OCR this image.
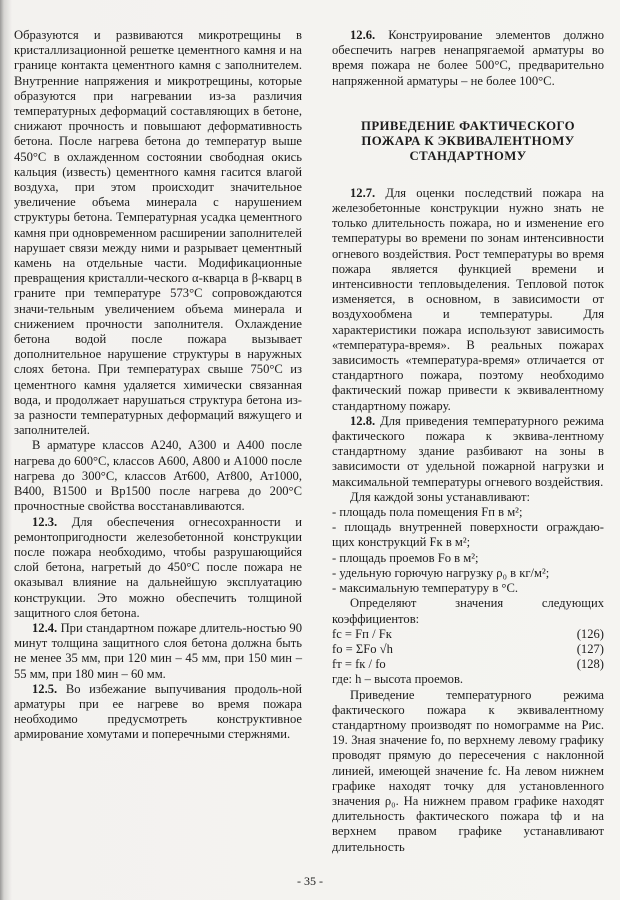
Образуются и развиваются микротрещины в кристаллизационной решетке цементного камня и на границе контакта цементного камня с заполнителем. Внутренние напряжения и микротрещины, которые образуются при нагревании из-за различия температурных деформаций составляющих в бетоне, снижают прочность и повышают деформативность бетона. После нагрева бетона до температур выше 450°С в охлажденном состоянии свободная окись кальция (известь) цементного камня гасится влагой воздуха, при этом происходит значительное увеличение объема минерала с нарушением структуры бетона. Температурная усадка цементного камня при одновременном расширении заполнителей нарушает связи между ними и разрывает цементный камень на отдельные части. Модификационные превращения кристалли-ческого α-кварца в β-кварц в граните при температуре 573°С сопровождаются значи-тельным увеличением объема минерала и снижением прочности заполнителя. Охлаждение бетона водой после пожара вызывает дополнительное нарушение структуры в наружных слоях бетона. При температурах свыше 750°С из цементного камня удаляется химически связанная вода, и продолжает нарушаться структура бетона из-за разности температурных деформаций вяжущего и заполнителей.

В арматуре классов А240, А300 и А400 после нагрева до 600°С, классов А600, А800 и А1000 после нагрева до 300°С, классов Ат600, Ат800, Ат1000, В400, В1500 и Вр1500 после нагрева до 200°С прочностные свойства восстанавливаются.

12.3. Для обеспечения огнесохранности и ремонтопригодности железобетонной конструкции после пожара необходимо, чтобы разрушающийся слой бетона, нагретый до 450°С после пожара не оказывал влияние на дальнейшую эксплуатацию конструкции. Это можно обеспечить толщиной защитного слоя бетона.

12.4. При стандартном пожаре длитель-ностью 90 минут толщина защитного слоя бетона должна быть не менее 35 мм, при 120 мин – 45 мм, при 150 мин – 55 мм, при 180 мин – 60 мм.

12.5. Во избежание выпучивания продоль-ной арматуры при ее нагреве во время пожара необходимо предусмотреть конструктивное армирование хомутами и поперечными стержнями.

12.6. Конструирование элементов должно обеспечить нагрев ненапрягаемой арматуры во время пожара не более 500°С, предварительно напряженной арматуры – не более 100°С.

ПРИВЕДЕНИЕ ФАКТИЧЕСКОГО ПОЖАРА К ЭКВИВАЛЕНТНОМУ СТАНДАРТНОМУ

12.7. Для оценки последствий пожара на железобетонные конструкции нужно знать не только длительность пожара, но и изменение его температуры во времени по зонам интенсивности огневого воздействия. Рост температуры во время пожара является функцией времени и интенсивности тепловыделения. Тепловой поток изменяется, в основном, в зависимости от воздухообмена и температуры. Для характеристики пожара используют зависимость «температура-время». В реальных пожарах зависимость «температура-время» отличается от стандартного пожара, поэтому необходимо фактический пожар привести к эквивалентному стандартному пожару.

12.8. Для приведения температурного режима фактического пожара к эквива-лентному стандартному здание разбивают на зоны в зависимости от удельной пожарной нагрузки и максимальной температуры огневого воздействия.

Для каждой зоны устанавливают:

- площадь пола помещения Fп в м²;

- площадь внутренней поверхности ограждаю-щих конструкций Fк в м²;

- площадь проемов Fо в м²;

- удельную горючую нагрузку ρ₀ в кг/м²;

- максимальную температуру в °С.

Определяют значения следующих коэффициентов:

fc = Fп / Fк	(126)
fо = ΣFо √h	(127)
fт = fк / fо	(128)

где: h – высота проемов.

Приведение температурного режима фактического пожара к эквивалентному стандартному производят по номограмме на Рис. 19. Зная значение fо, по верхнему левому графику проводят прямую до пересечения с наклонной линией, имеющей значение fc. На левом нижнем графике находят точку для установленного значения ρ₀. На нижнем правом графике находят длительность фактического пожара tф и на верхнем правом графике устанавливают длительность

- 35 -
